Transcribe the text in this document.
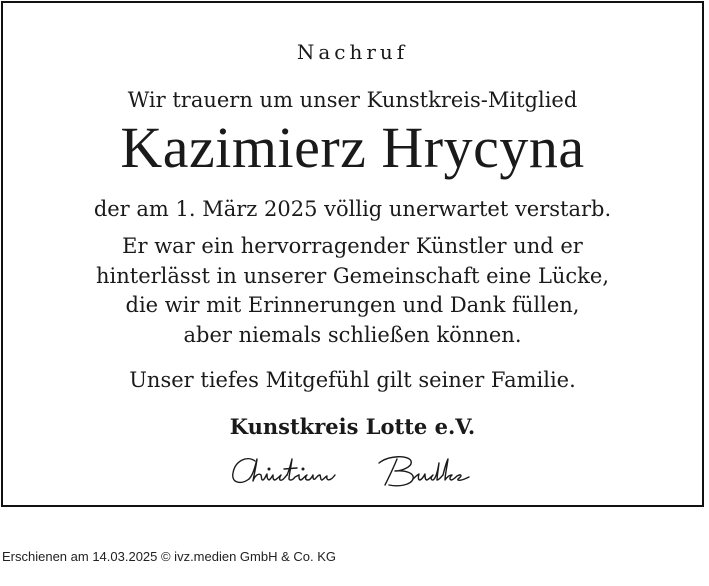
Nachruf
Wir trauern um unser Kunstkreis-Mitglied
Kazimierz Hrycyna
der am 1. März 2025 völlig unerwartet verstarb.
Er war ein hervorragender Künstler und er
hinterlässt in unserer Gemeinschaft eine Lücke,
die wir mit Erinnerungen und Dank füllen,
aber niemals schließen können.
Unser tiefes Mitgefühl gilt seiner Familie.
Kunstkreis Lotte e.V.
Erschienen am 14.03.2025 © ivz.medien GmbH & Co. KG
